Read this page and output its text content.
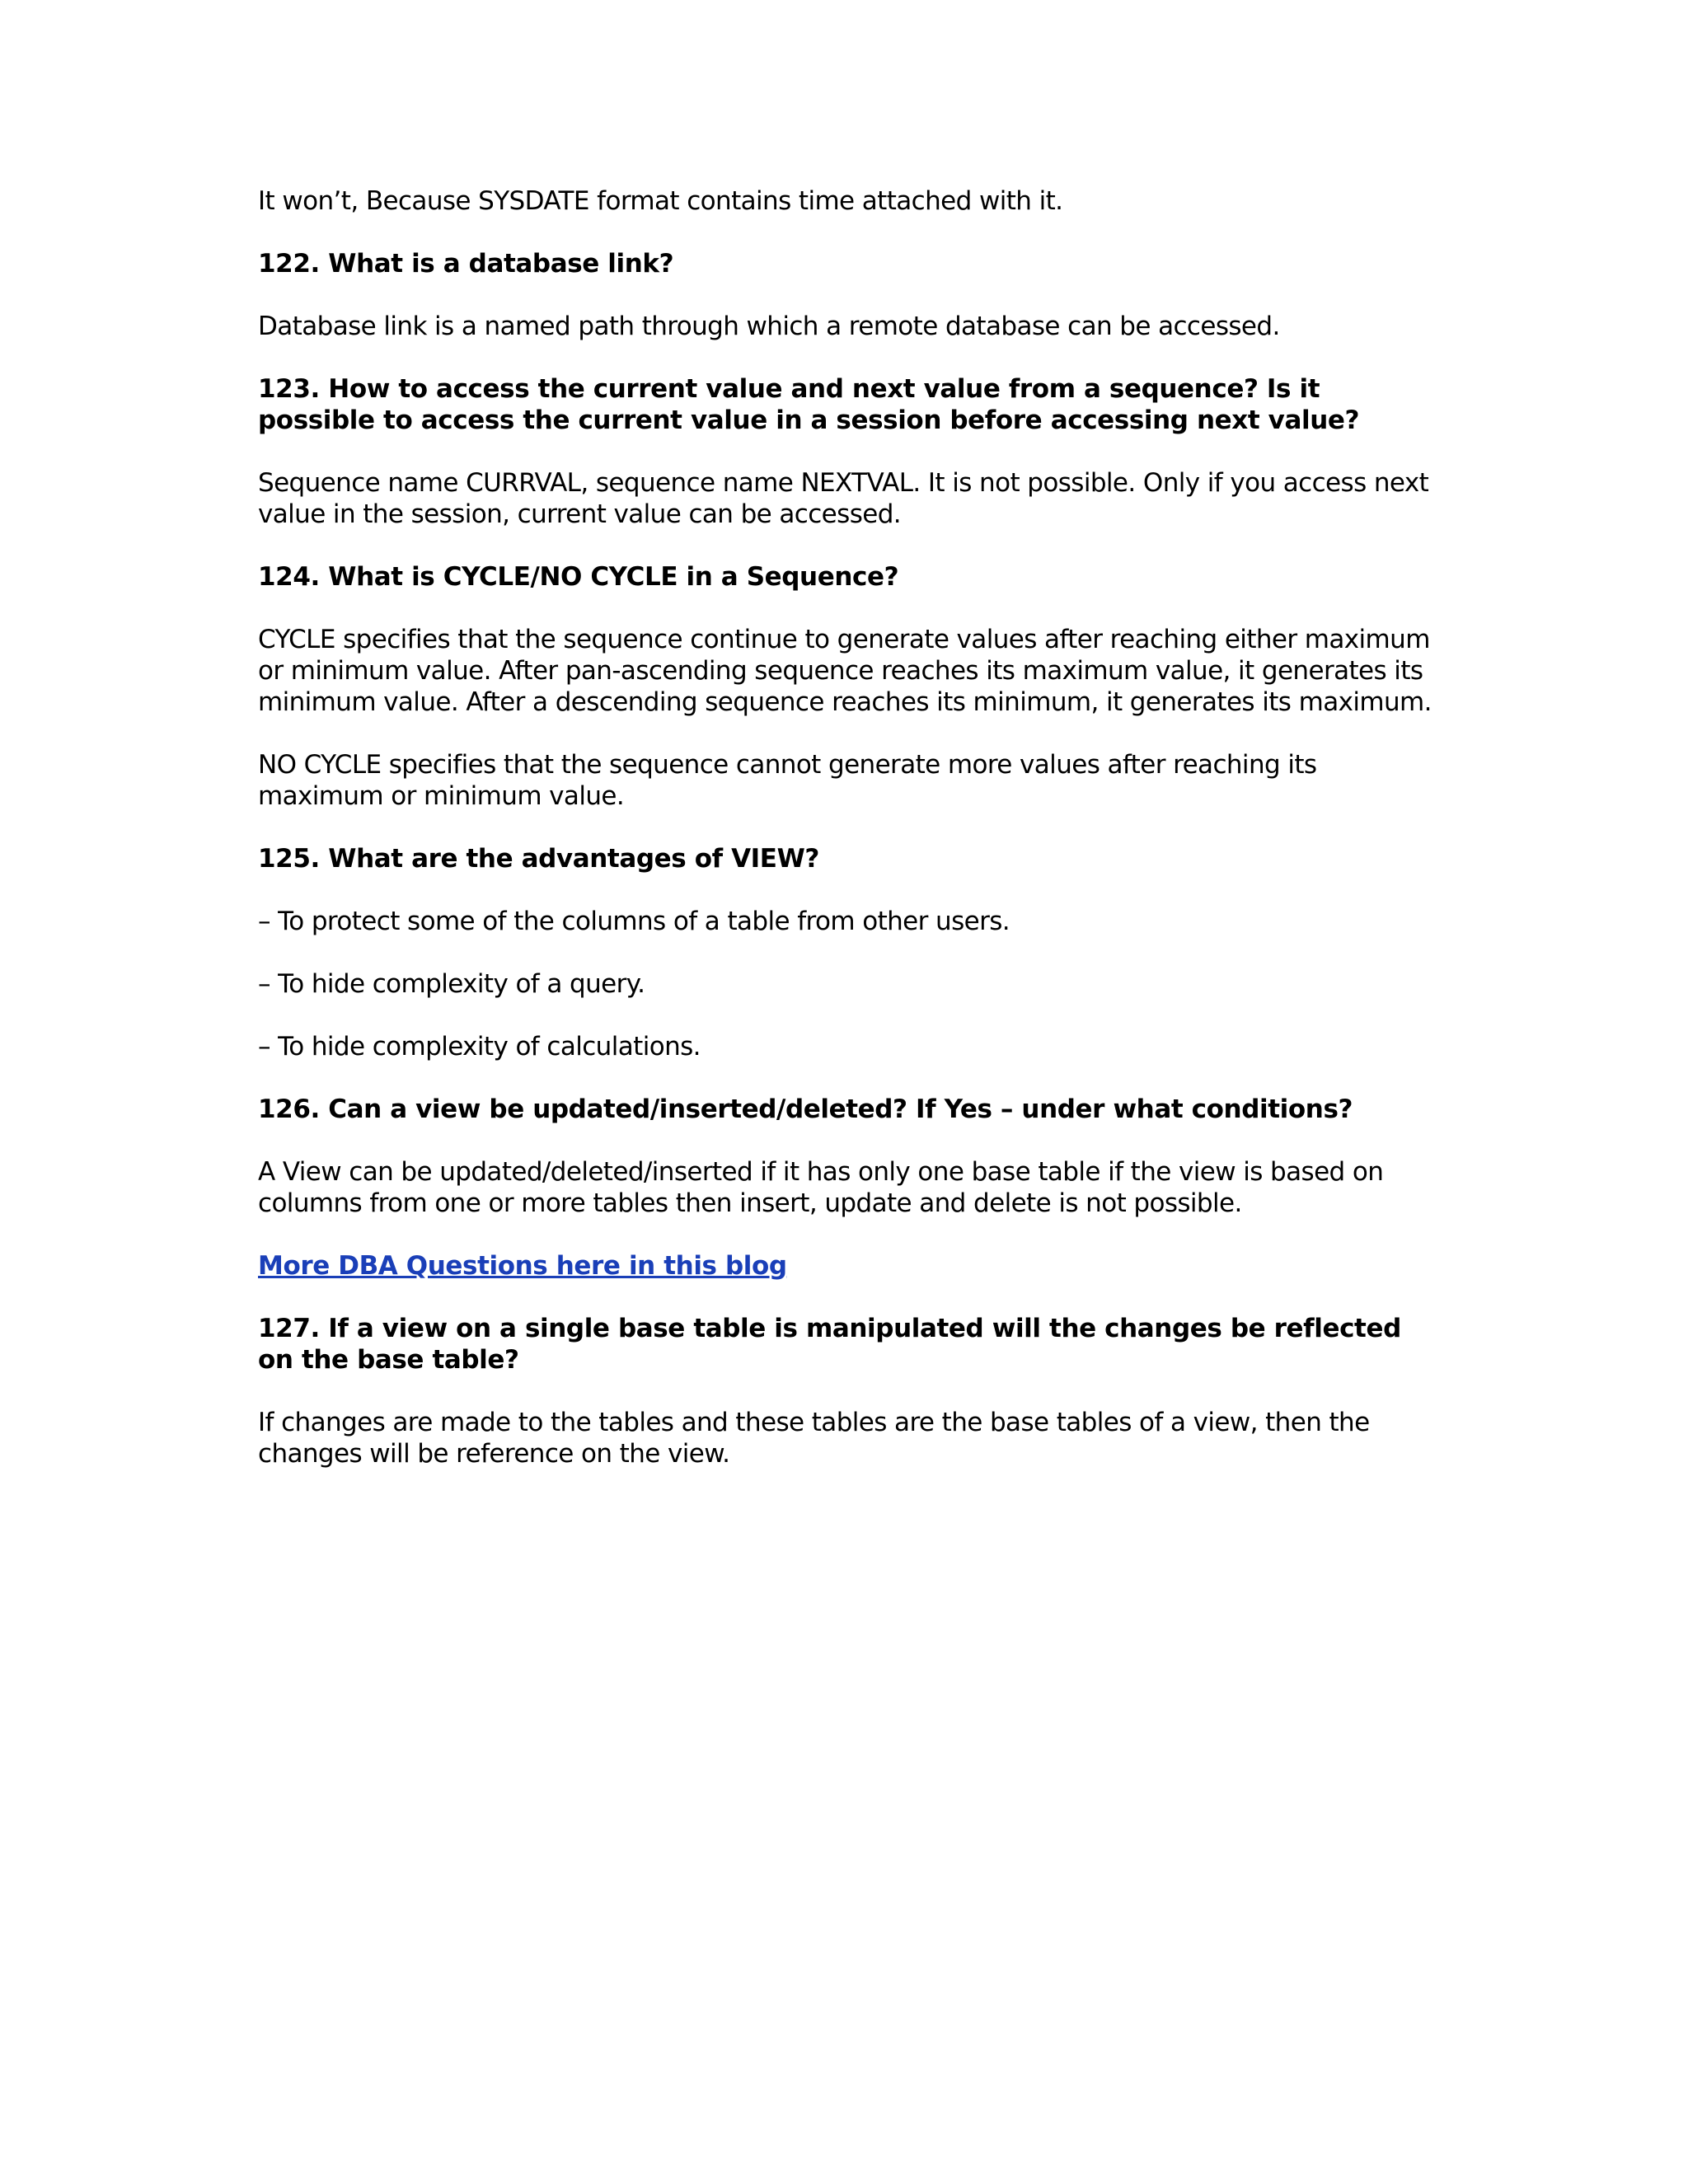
It won’t, Because SYSDATE format contains time attached with it.

122. What is a database link?

Database link is a named path through which a remote database can be accessed.

123. How to access the current value and next value from a sequence? Is it possible to access the current value in a session before accessing next value?

Sequence name CURRVAL, sequence name NEXTVAL. It is not possible. Only if you access next value in the session, current value can be accessed.

124. What is CYCLE/NO CYCLE in a Sequence?

CYCLE specifies that the sequence continue to generate values after reaching either maximum or minimum value. After pan-ascending sequence reaches its maximum value, it generates its minimum value. After a descending sequence reaches its minimum, it generates its maximum.

NO CYCLE specifies that the sequence cannot generate more values after reaching its maximum or minimum value.

125. What are the advantages of VIEW?

– To protect some of the columns of a table from other users.

– To hide complexity of a query.

– To hide complexity of calculations.

126. Can a view be updated/inserted/deleted? If Yes – under what conditions?

A View can be updated/deleted/inserted if it has only one base table if the view is based on columns from one or more tables then insert, update and delete is not possible.

More DBA Questions here in this blog

127. If a view on a single base table is manipulated will the changes be reflected on the base table?

If changes are made to the tables and these tables are the base tables of a view, then the changes will be reference on the view.
